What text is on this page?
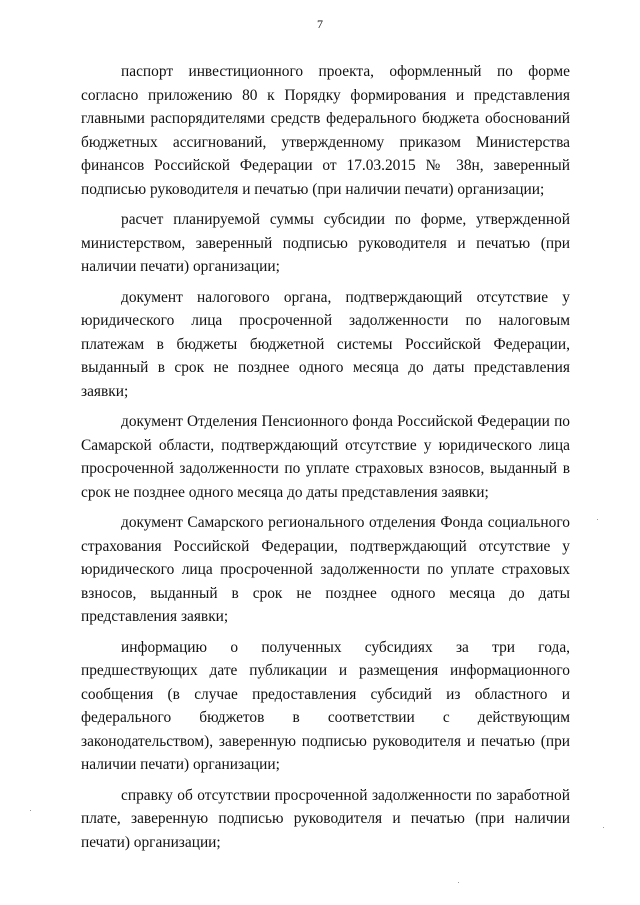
7

паспорт инвестиционного проекта, оформленный по форме согласно приложению 80 к Порядку формирования и представления главными распорядителями средств федерального бюджета обоснований бюджетных ассигнований, утвержденному приказом Министерства финансов Российской Федерации от 17.03.2015 № 38н, заверенный подписью руководителя и печатью (при наличии печати) организации;

расчет планируемой суммы субсидии по форме, утвержденной министерством, заверенный подписью руководителя и печатью (при наличии печати) организации;

документ налогового органа, подтверждающий отсутствие у юридического лица просроченной задолженности по налоговым платежам в бюджеты бюджетной системы Российской Федерации, выданный в срок не позднее одного месяца до даты представления заявки;

документ Отделения Пенсионного фонда Российской Федерации по Самарской области, подтверждающий отсутствие у юридического лица просроченной задолженности по уплате страховых взносов, выданный в срок не позднее одного месяца до даты представления заявки;

документ Самарского регионального отделения Фонда социального страхования Российской Федерации, подтверждающий отсутствие у юридического лица просроченной задолженности по уплате страховых взносов, выданный в срок не позднее одного месяца до даты представления заявки;

информацию о полученных субсидиях за три года, предшествующих дате публикации и размещения информационного сообщения (в случае предоставления субсидий из областного и федерального бюджетов в соответствии с действующим законодательством), заверенную подписью руководителя и печатью (при наличии печати) организации;

справку об отсутствии просроченной задолженности по заработной плате, заверенную подписью руководителя и печатью (при наличии печати) организации;
